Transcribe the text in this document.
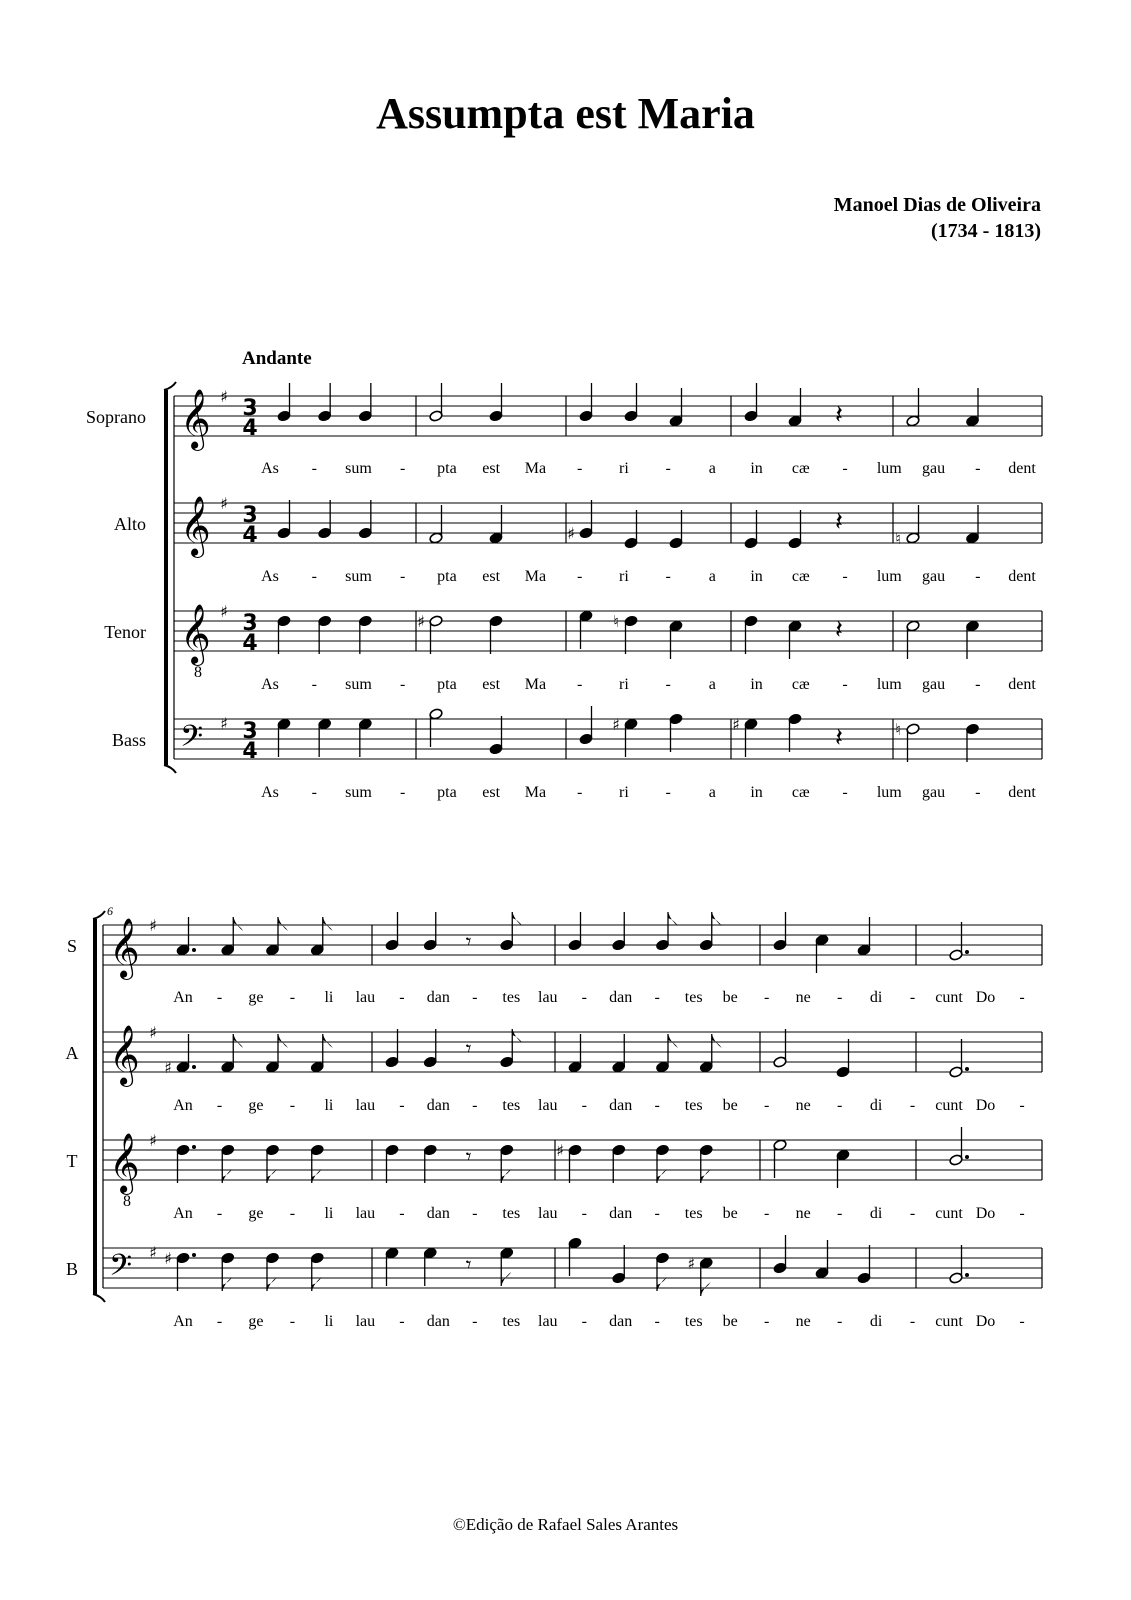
Assumpta est Maria
Manoel Dias de Oliveira
(1734 - 1813)
Andante
Soprano 𝄞 ♯ 3
4	𝄽
As - sum - pta est Ma - ri - a in cæ - lum gau - dent
Alto 𝄞 ♯ 3
4	♯	𝄽
♮
As - sum - pta est Ma - ri - a in cæ - lum gau - dent
Tenor 𝄞
8
♯ 3
4
♯	♮	𝄽
As - sum - pta est Ma - ri - a in cæ - lum gau - dent
Bass 𝄢 ♯ 3
4
♯	♯	𝄽	♮
As - sum - pta est Ma - ri - a in cæ - lum gau - dent
6
S 𝄞 ♯
𝄾
An - ge - li lau - dan - tes lau - dan - tes be - ne - di - cunt Do -
A 𝄞 ♯
♯
𝄾
An - ge - li lau - dan - tes lau - dan - tes be - ne - di - cunt Do -
T 𝄞
8
♯
𝄾	♯
An - ge - li lau - dan - tes lau - dan - tes be - ne - di - cunt Do -
B 𝄢 ♯ ♯	𝄾	♯
An - ge - li lau - dan - tes lau - dan - tes be - ne - di - cunt Do -
©Edição de Rafael Sales Arantes
